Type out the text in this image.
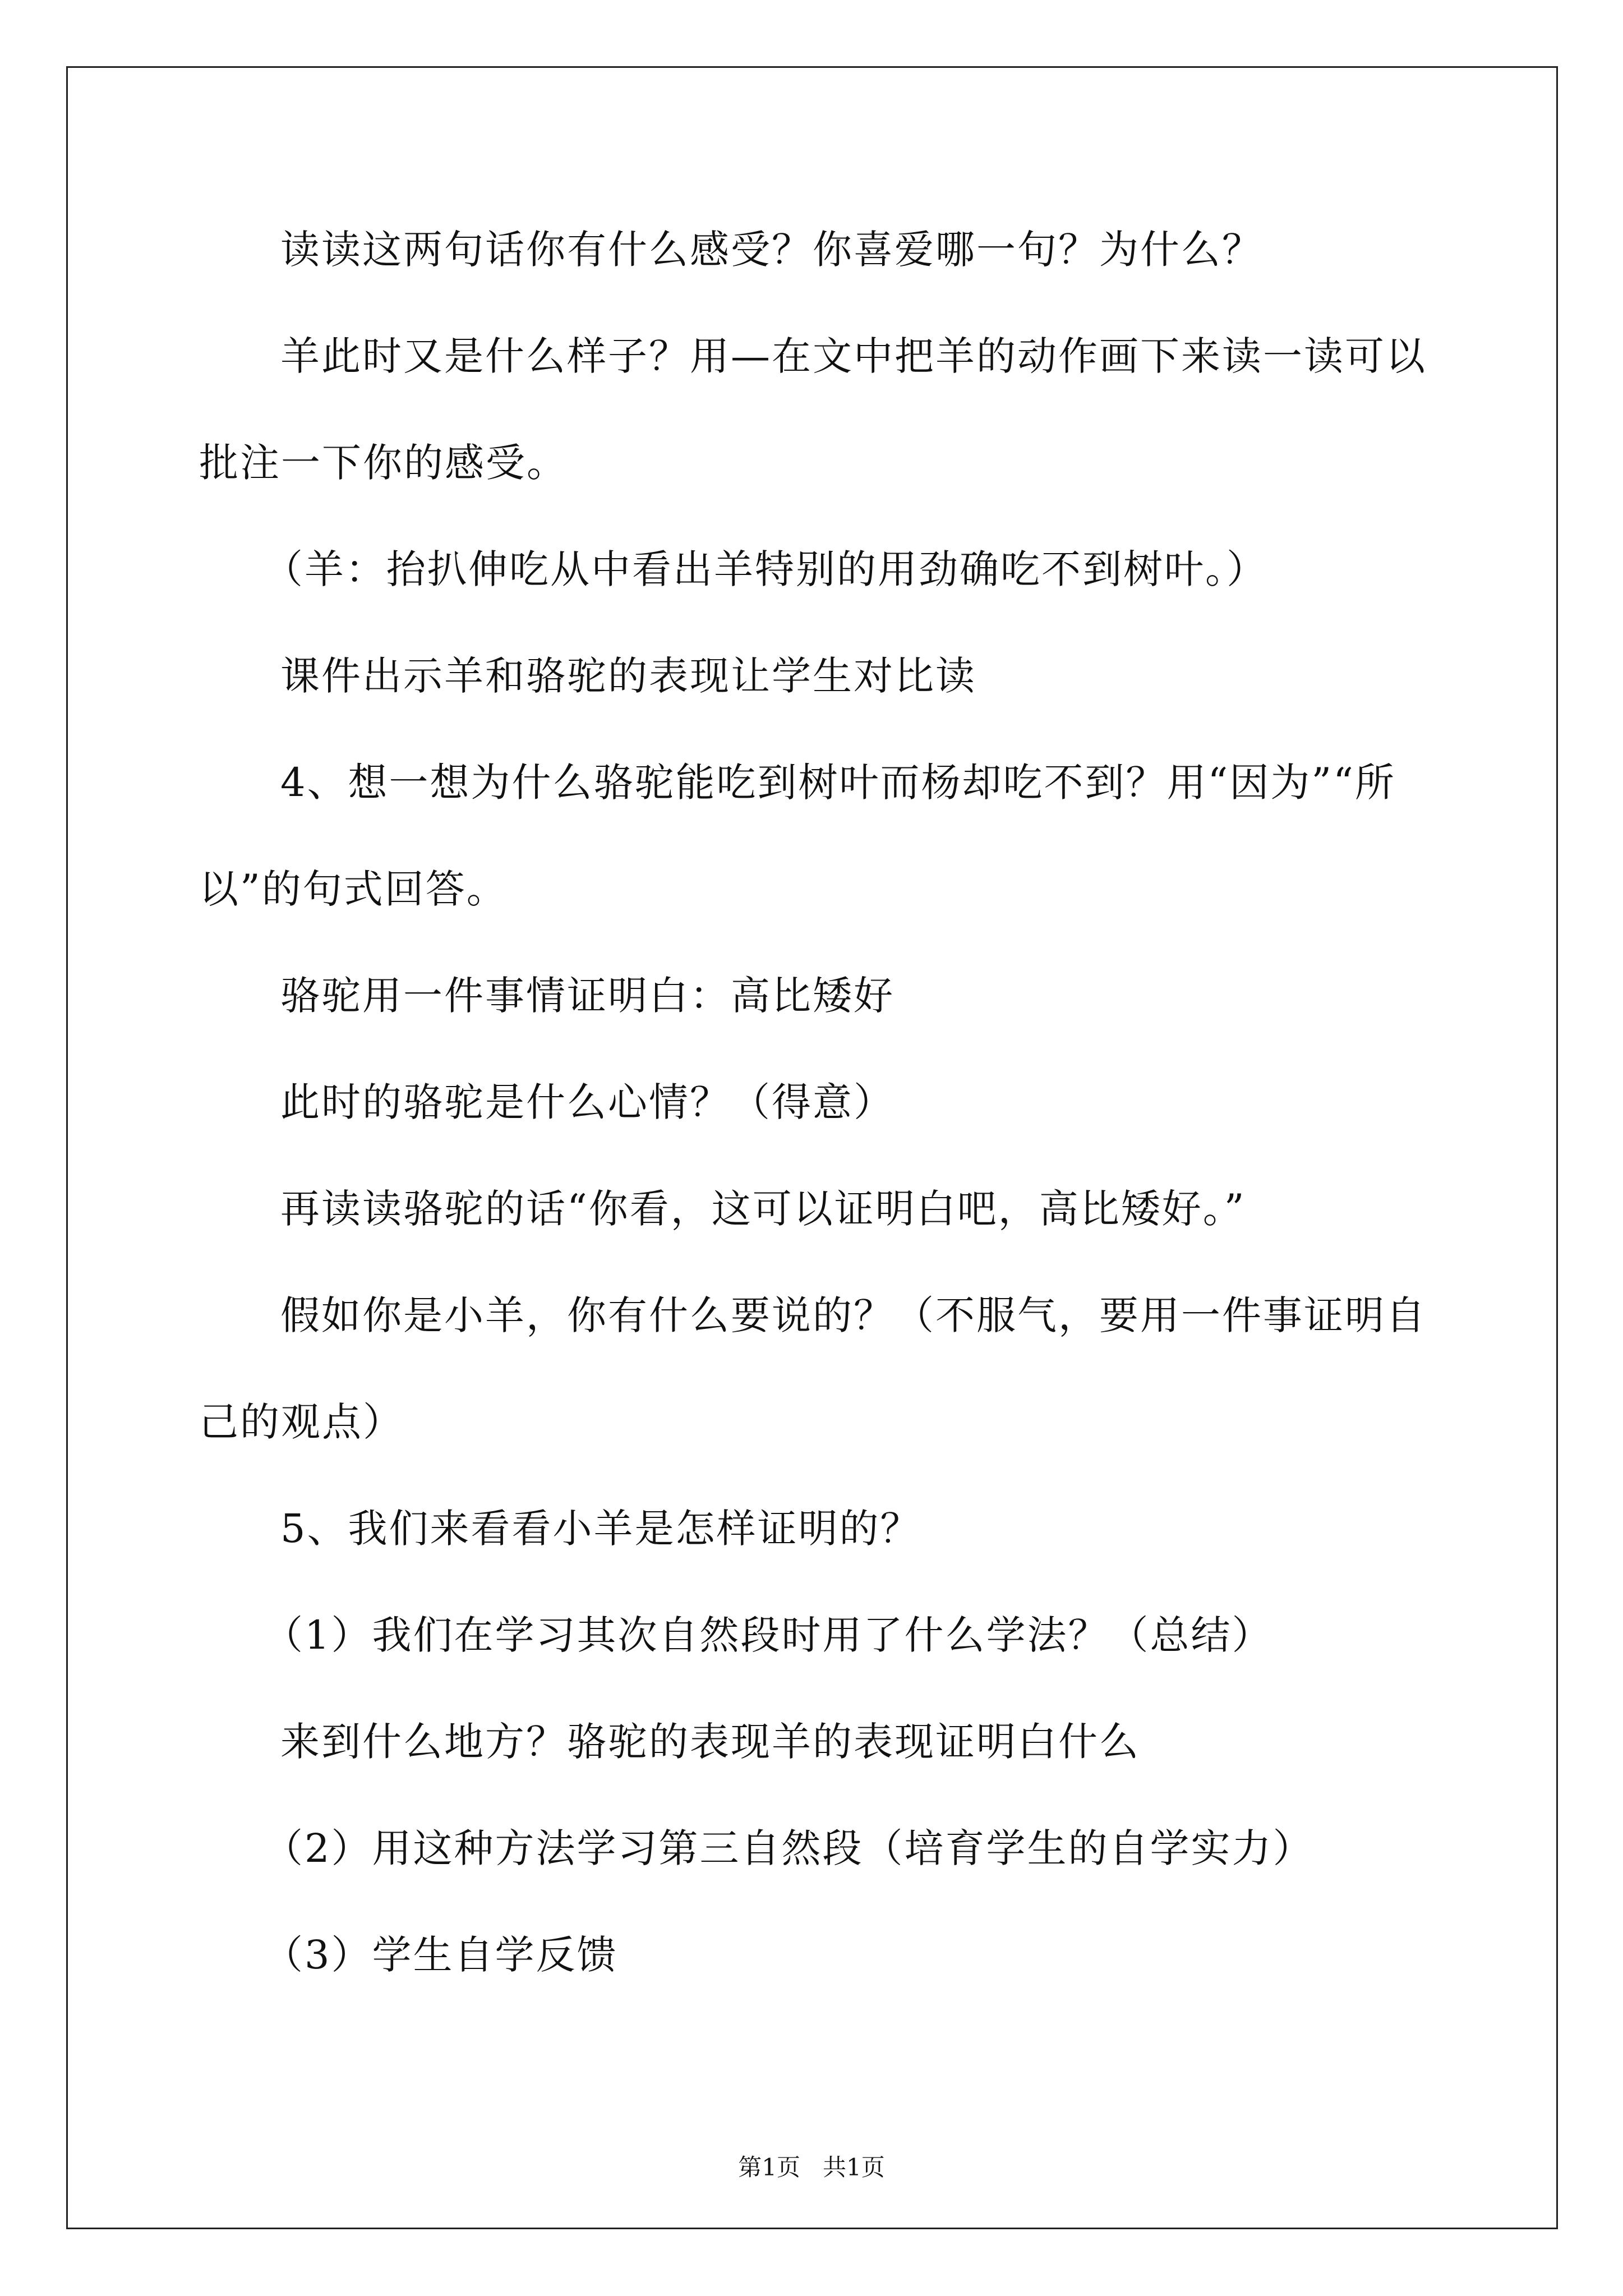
读读这两句话你有什么感受？你喜爱哪一句？为什么？

羊此时又是什么样子？用—在文中把羊的动作画下来读一读可以

批注一下你的感受。

（羊：抬扒伸吃从中看出羊特别的用劲确吃不到树叶。）

课件出示羊和骆驼的表现让学生对比读

4、想一想为什么骆驼能吃到树叶而杨却吃不到？用“因为”“所

以”的句式回答。

骆驼用一件事情证明白：高比矮好

此时的骆驼是什么心情？（得意）

再读读骆驼的话“你看，这可以证明白吧，高比矮好。”

假如你是小羊，你有什么要说的？（不服气，要用一件事证明自

己的观点）

5、我们来看看小羊是怎样证明的？

（1）我们在学习其次自然段时用了什么学法？（总结）

来到什么地方？骆驼的表现羊的表现证明白什么

（2）用这种方法学习第三自然段（培育学生的自学实力）

（3）学生自学反馈

第1页   共1页
